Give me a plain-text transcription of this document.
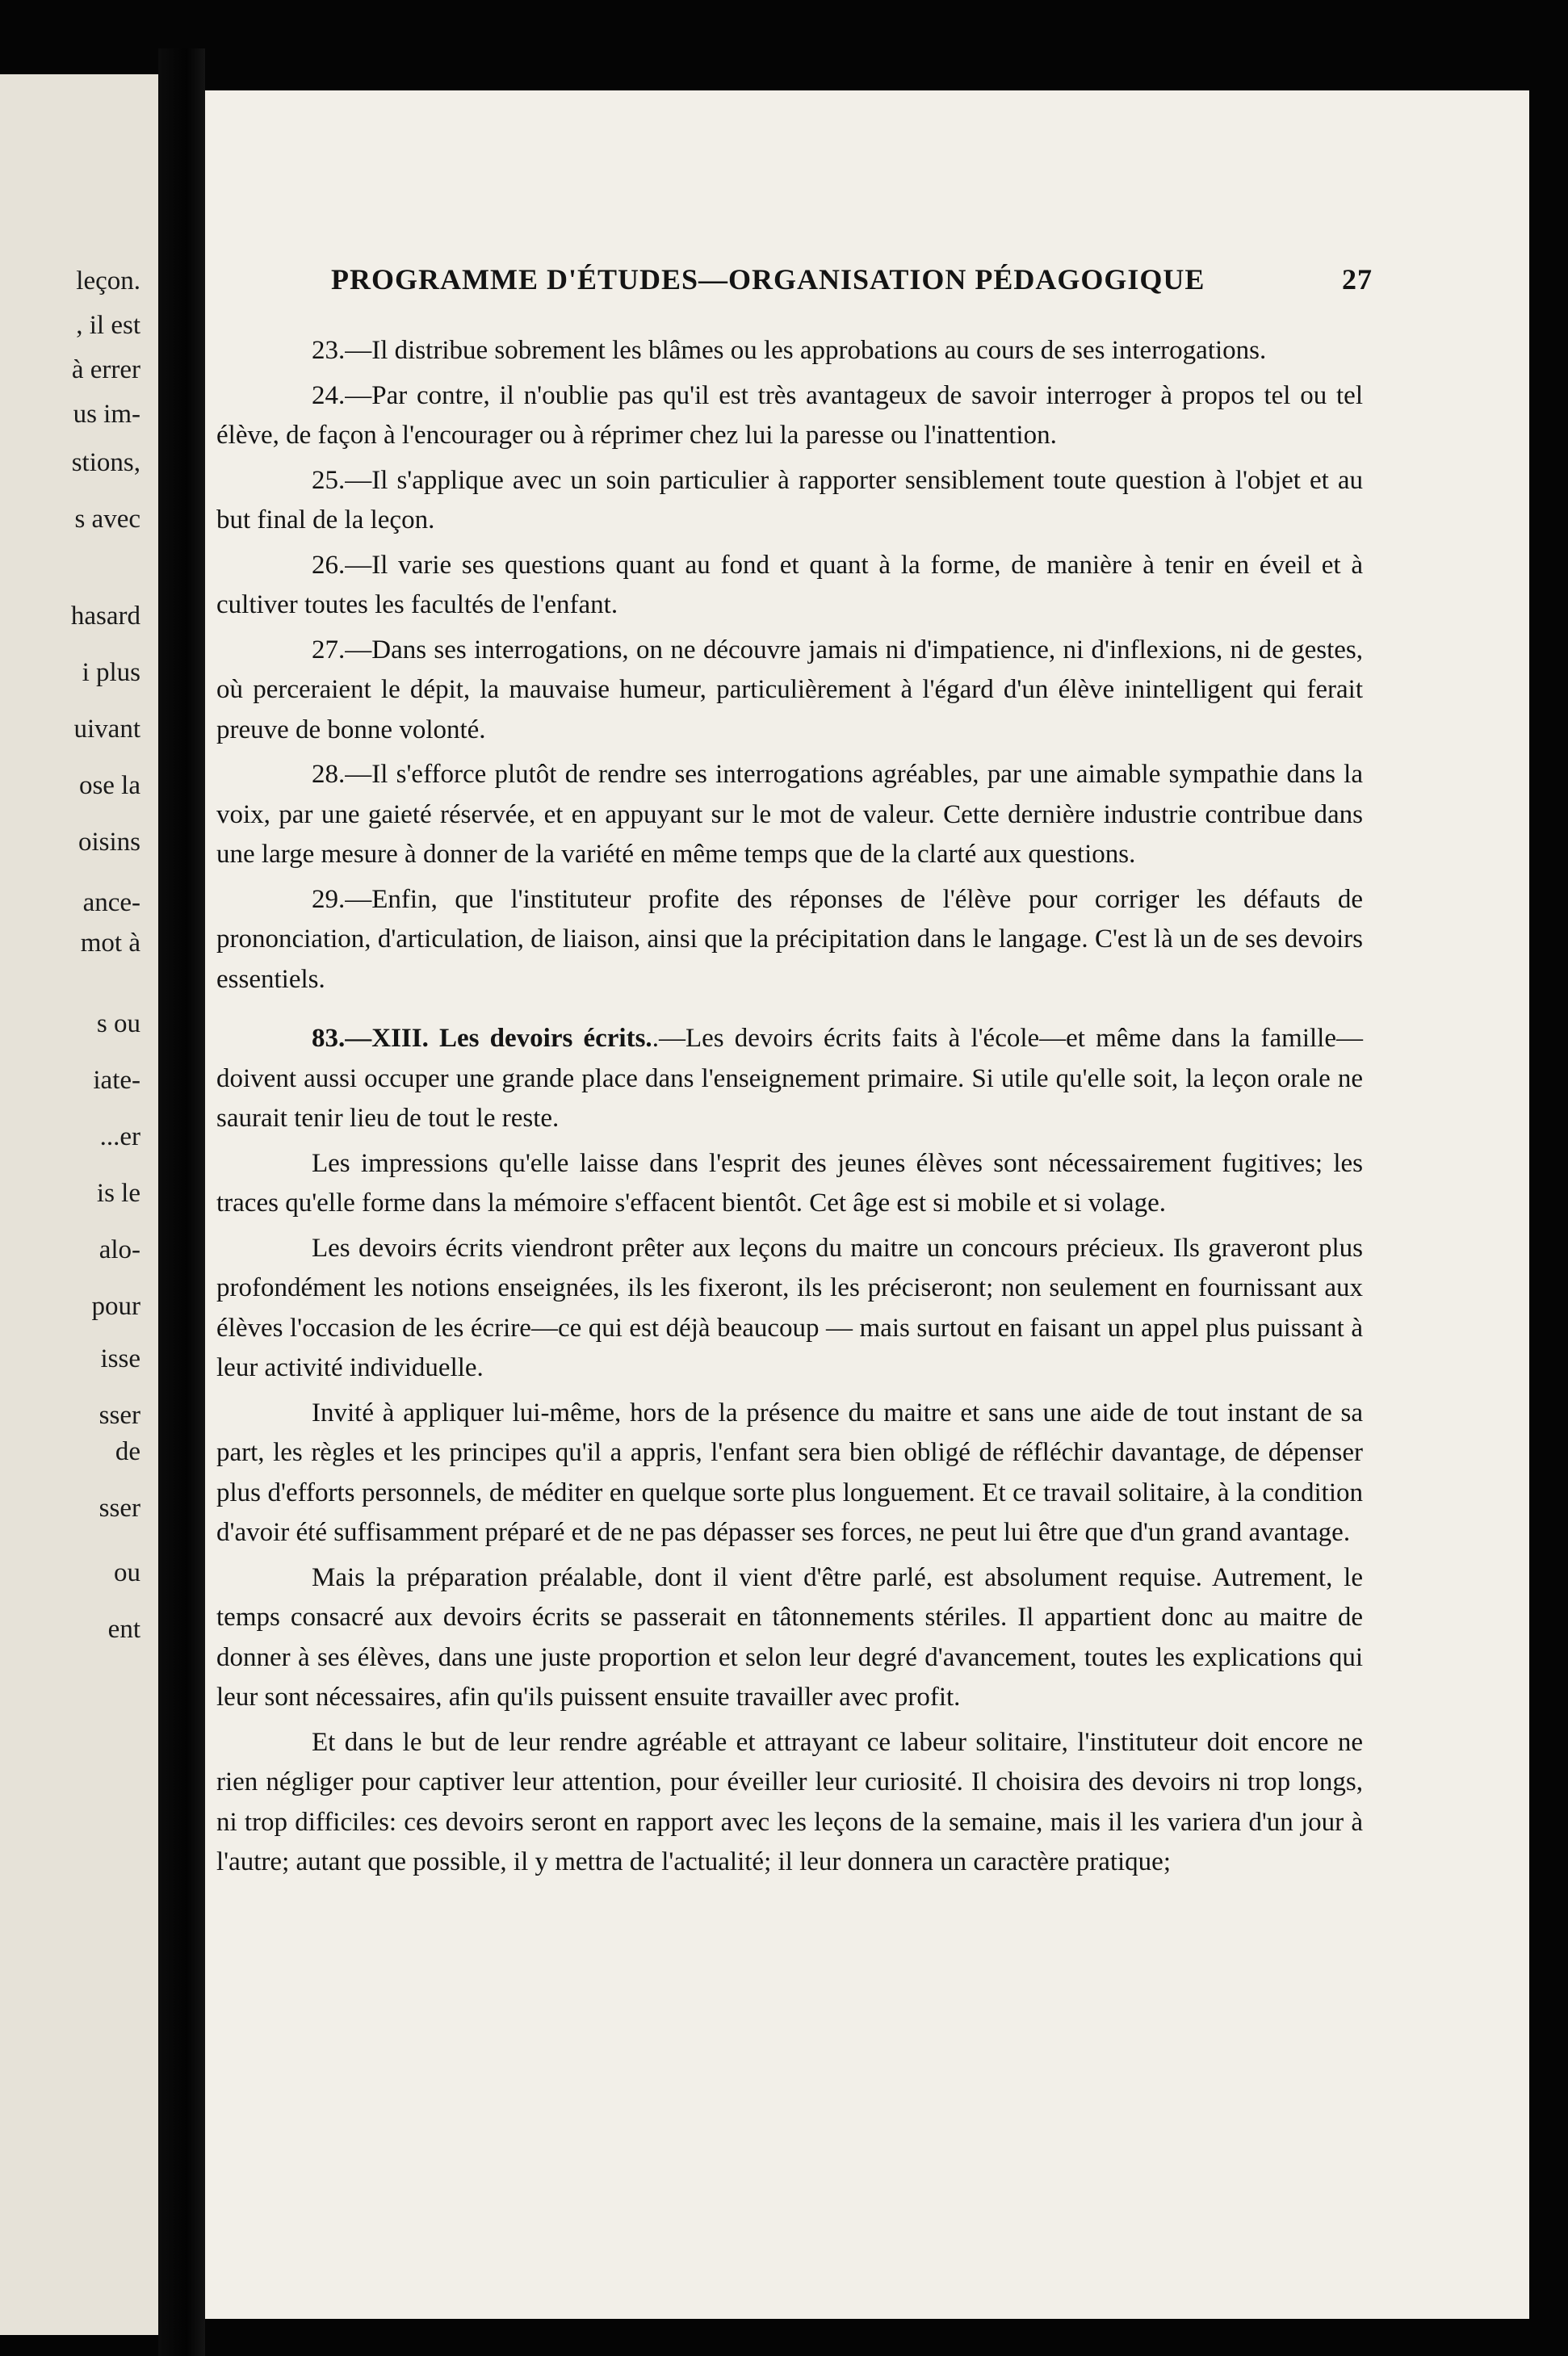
leçon.
, il est
à errer
us im-
stions,
s avec
hasard
i plus
uivant
ose la
oisins
ance-
mot à
s ou
iate-
...er
is le
alo-
pour
isse
sser
de
sser
ou
ent
PROGRAMME D'ÉTUDES—ORGANISATION PÉDAGOGIQUE	27

23.—Il distribue sobrement les blâmes ou les approbations au cours de ses interrogations.

24.—Par contre, il n'oublie pas qu'il est très avantageux de savoir interroger à propos tel ou tel élève, de façon à l'encourager ou à réprimer chez lui la paresse ou l'inattention.

25.—Il s'applique avec un soin particulier à rapporter sensiblement toute question à l'objet et au but final de la leçon.

26.—Il varie ses questions quant au fond et quant à la forme, de manière à tenir en éveil et à cultiver toutes les facultés de l'enfant.

27.—Dans ses interrogations, on ne découvre jamais ni d'impatience, ni d'inflexions, ni de gestes, où perceraient le dépit, la mauvaise humeur, particulièrement à l'égard d'un élève inintelligent qui ferait preuve de bonne volonté.

28.—Il s'efforce plutôt de rendre ses interrogations agréables, par une aimable sympathie dans la voix, par une gaieté réservée, et en appuyant sur le mot de valeur. Cette dernière industrie contribue dans une large mesure à donner de la variété en même temps que de la clarté aux questions.

29.—Enfin, que l'instituteur profite des réponses de l'élève pour corriger les défauts de prononciation, d'articulation, de liaison, ainsi que la précipitation dans le langage. C'est là un de ses devoirs essentiels.

83.—XIII. Les devoirs écrits..—Les devoirs écrits faits à l'école—et même dans la famille—doivent aussi occuper une grande place dans l'enseignement primaire. Si utile qu'elle soit, la leçon orale ne saurait tenir lieu de tout le reste.

Les impressions qu'elle laisse dans l'esprit des jeunes élèves sont nécessairement fugitives; les traces qu'elle forme dans la mémoire s'effacent bientôt. Cet âge est si mobile et si volage.

Les devoirs écrits viendront prêter aux leçons du maitre un concours précieux. Ils graveront plus profondément les notions enseignées, ils les fixeront, ils les préciseront; non seulement en fournissant aux élèves l'occasion de les écrire—ce qui est déjà beaucoup — mais surtout en faisant un appel plus puissant à leur activité individuelle.

Invité à appliquer lui-même, hors de la présence du maitre et sans une aide de tout instant de sa part, les règles et les principes qu'il a appris, l'enfant sera bien obligé de réfléchir davantage, de dépenser plus d'efforts personnels, de méditer en quelque sorte plus longuement. Et ce travail solitaire, à la condition d'avoir été suffisamment préparé et de ne pas dépasser ses forces, ne peut lui être que d'un grand avantage.

Mais la préparation préalable, dont il vient d'être parlé, est absolument requise. Autrement, le temps consacré aux devoirs écrits se passerait en tâtonnements stériles. Il appartient donc au maitre de donner à ses élèves, dans une juste proportion et selon leur degré d'avancement, toutes les explications qui leur sont nécessaires, afin qu'ils puissent ensuite travailler avec profit.

Et dans le but de leur rendre agréable et attrayant ce labeur solitaire, l'instituteur doit encore ne rien négliger pour captiver leur attention, pour éveiller leur curiosité. Il choisira des devoirs ni trop longs, ni trop difficiles: ces devoirs seront en rapport avec les leçons de la semaine, mais il les variera d'un jour à l'autre; autant que possible, il y mettra de l'actualité; il leur donnera un caractère pratique;
